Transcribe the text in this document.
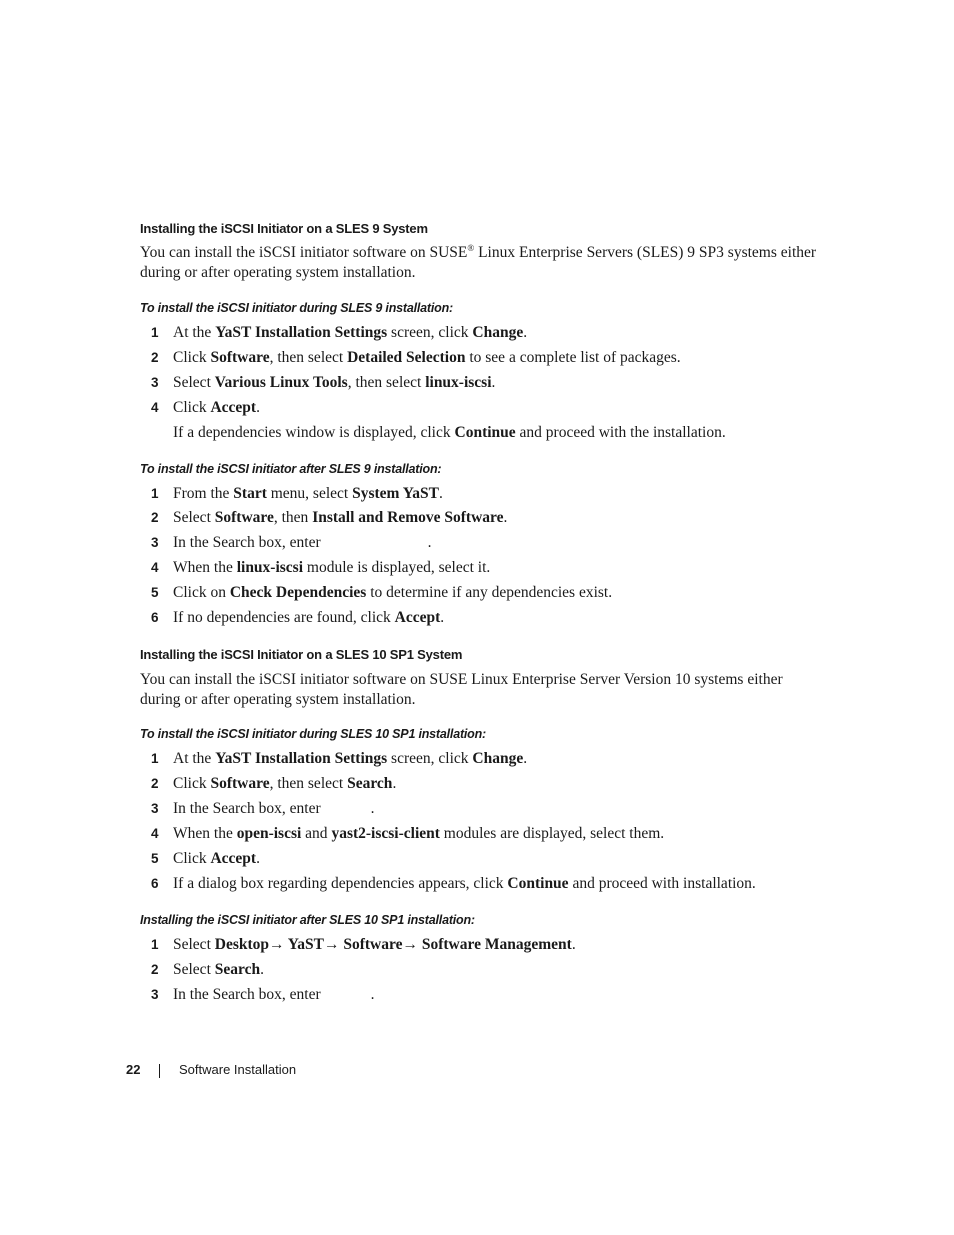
Installing the iSCSI Initiator on a SLES 9 System
You can install the iSCSI initiator software on SUSE® Linux Enterprise Servers (SLES) 9 SP3 systems either during or after operating system installation.
To install the iSCSI initiator during SLES 9 installation:
1 At the YaST Installation Settings screen, click Change.
2 Click Software, then select Detailed Selection to see a complete list of packages.
3 Select Various Linux Tools, then select linux-iscsi.
4 Click Accept.
If a dependencies window is displayed, click Continue and proceed with the installation.
To install the iSCSI initiator after SLES 9 installation:
1 From the Start menu, select System YaST.
2 Select Software, then Install and Remove Software.
3 In the Search box, enter	.
4 When the linux-iscsi module is displayed, select it.
5 Click on Check Dependencies to determine if any dependencies exist.
6 If no dependencies are found, click Accept.
Installing the iSCSI Initiator on a SLES 10 SP1 System
You can install the iSCSI initiator software on SUSE Linux Enterprise Server Version 10 systems either during or after operating system installation.
To install the iSCSI initiator during SLES 10 SP1 installation:
1 At the YaST Installation Settings screen, click Change.
2 Click Software, then select Search.
3 In the Search box, enter	.
4 When the open-iscsi and yast2-iscsi-client modules are displayed, select them.
5 Click Accept.
6 If a dialog box regarding dependencies appears, click Continue and proceed with installation.
Installing the iSCSI initiator after SLES 10 SP1 installation:
1 Select Desktop→ YaST→ Software→ Software Management.
2 Select Search.
3 In the Search box, enter	.
22	Software Installation
